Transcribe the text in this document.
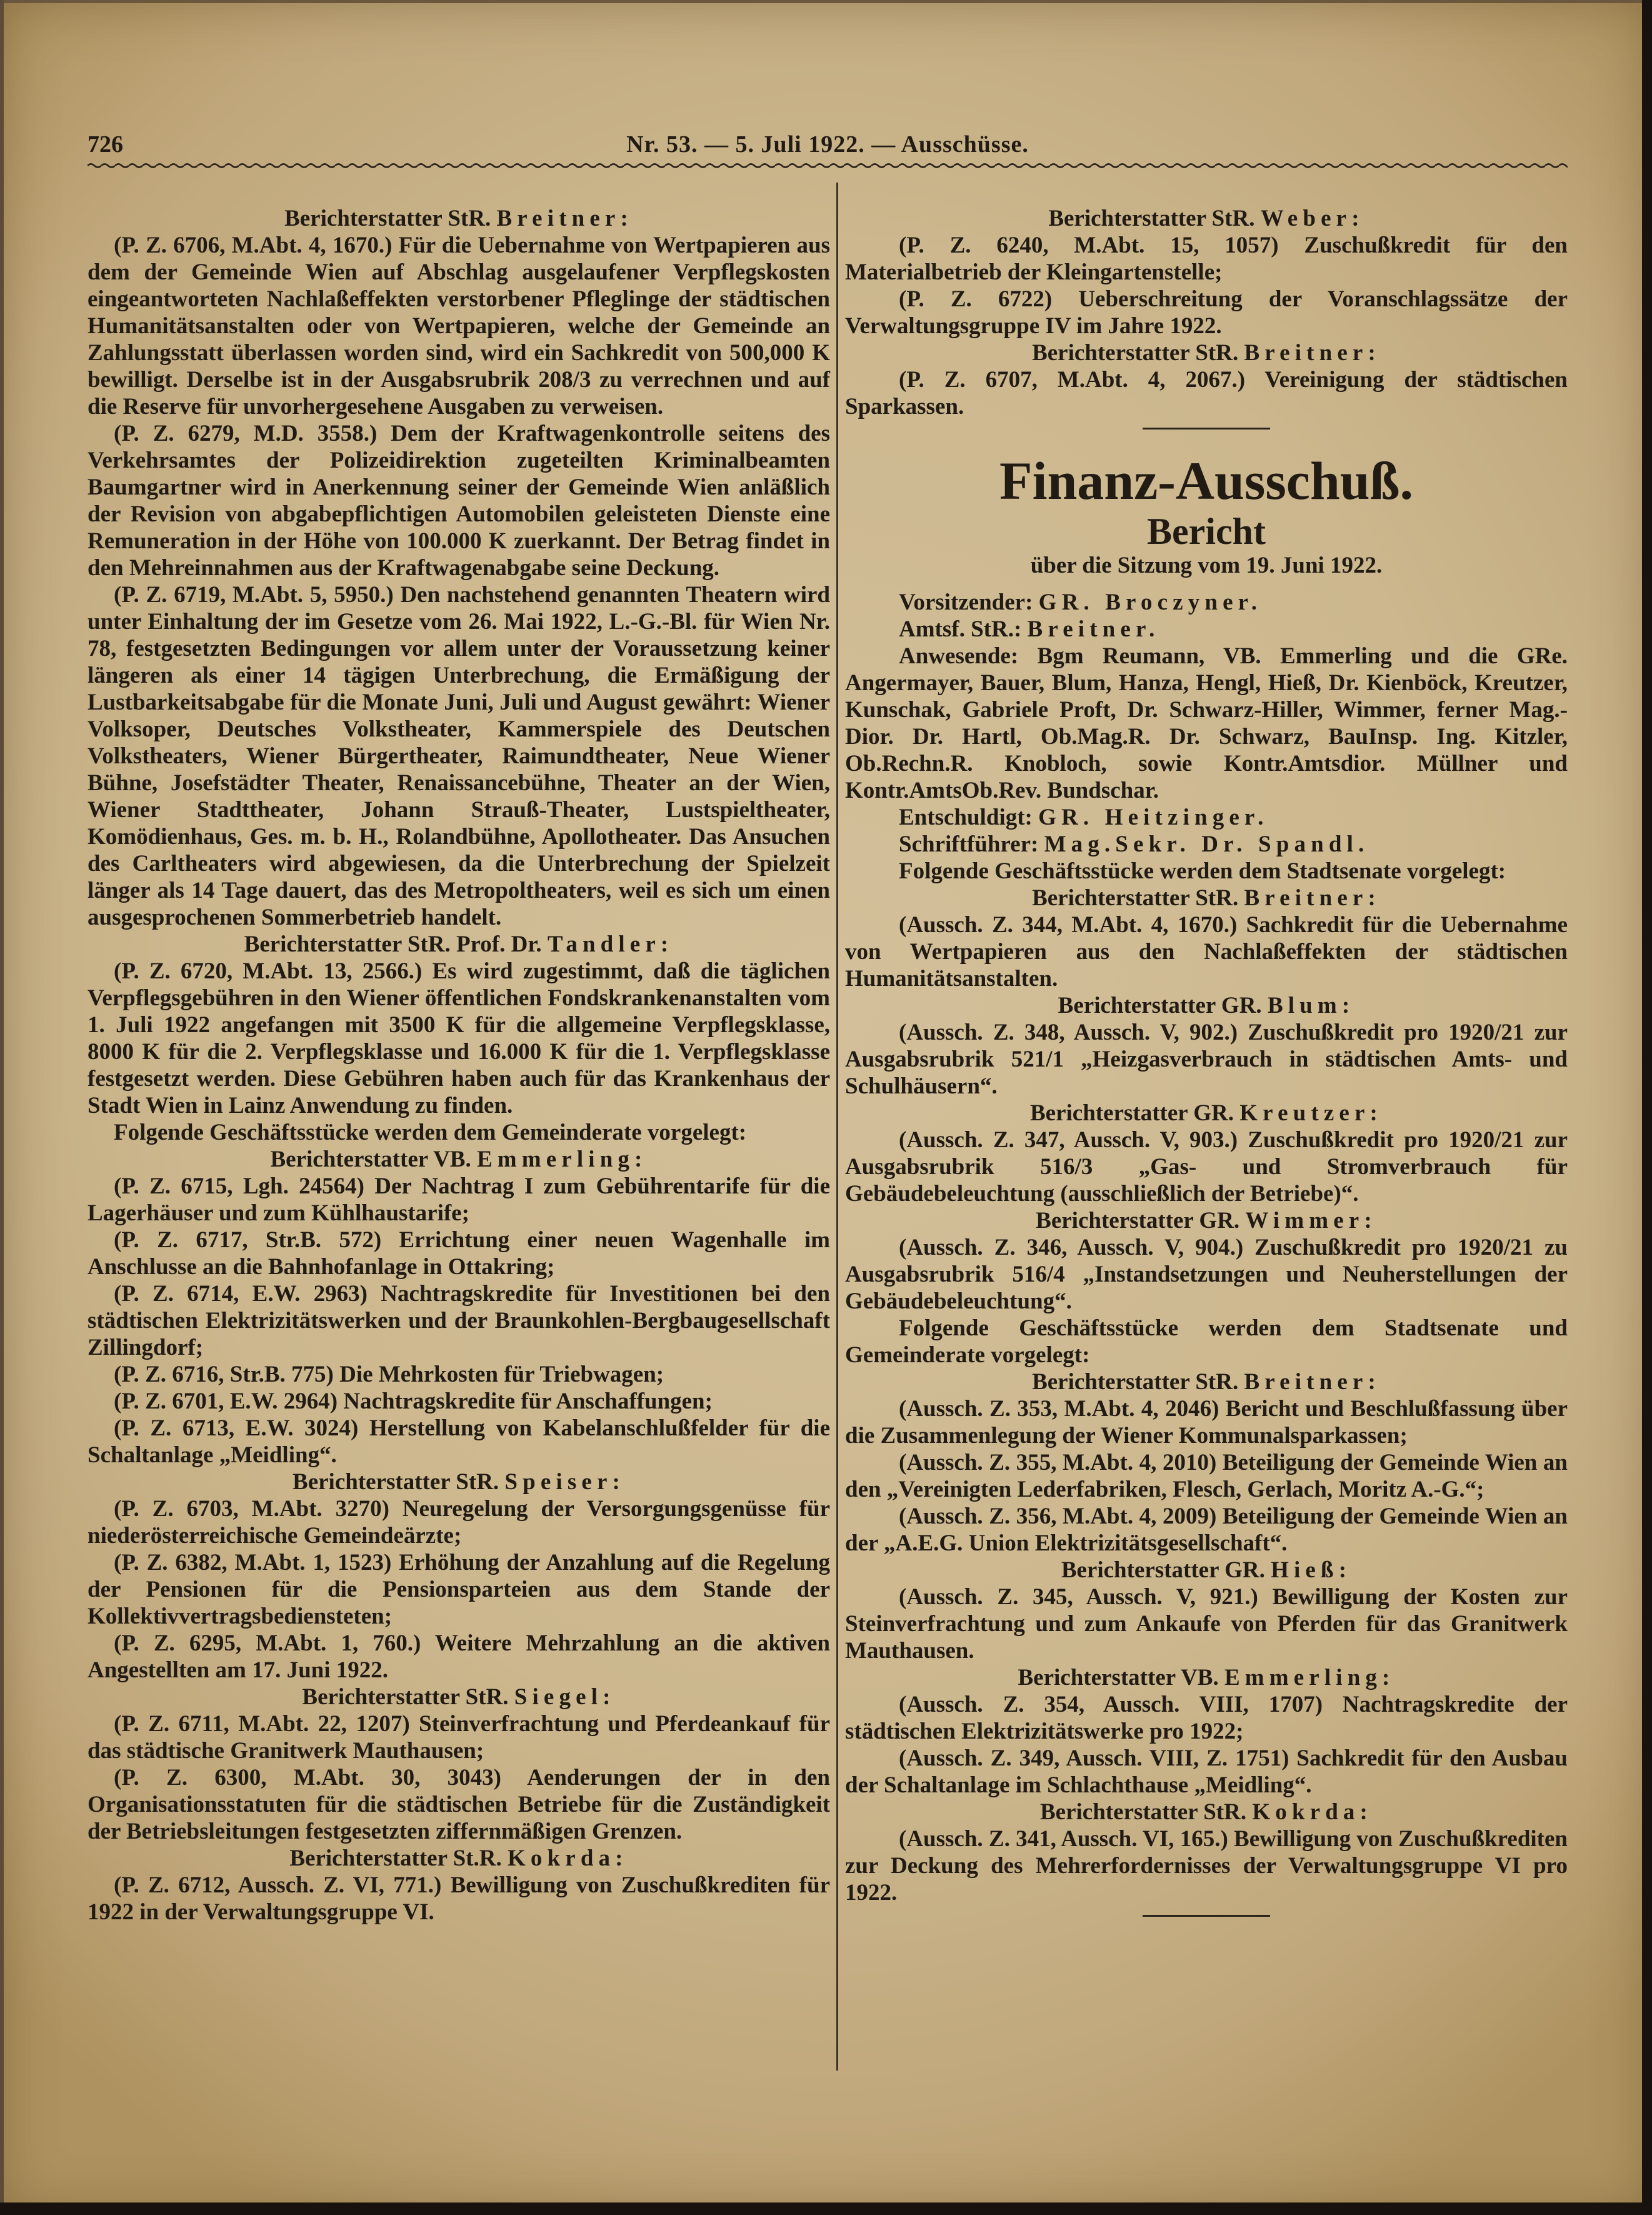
726	Nr. 53. — 5. Juli 1922. — Ausschüsse.

Berichterstatter StR. Breitner:

(P. Z. 6706, M.Abt. 4, 1670.) Für die Uebernahme von Wertpapieren aus dem der Gemeinde Wien auf Abschlag ausgelaufener Verpflegskosten eingeantworteten Nachlaßeffekten verstorbener Pfleglinge der städtischen Humanitätsanstalten oder von Wertpapieren, welche der Gemeinde an Zahlungsstatt überlassen worden sind, wird ein Sachkredit von 500,000 K bewilligt. Derselbe ist in der Ausgabsrubrik 208/3 zu verrechnen und auf die Reserve für unvorhergesehene Ausgaben zu verweisen.

(P. Z. 6279, M.D. 3558.) Dem der Kraftwagenkontrolle seitens des Verkehrsamtes der Polizeidirektion zugeteilten Kriminalbeamten Baumgartner wird in Anerkennung seiner der Gemeinde Wien anläßlich der Revision von abgabepflichtigen Automobilen geleisteten Dienste eine Remuneration in der Höhe von 100.000 K zuerkannt. Der Betrag findet in den Mehreinnahmen aus der Kraftwagenabgabe seine Deckung.

(P. Z. 6719, M.Abt. 5, 5950.) Den nachstehend genannten Theatern wird unter Einhaltung der im Gesetze vom 26. Mai 1922, L.-G.-Bl. für Wien Nr. 78, festgesetzten Bedingungen vor allem unter der Voraussetzung keiner längeren als einer 14 tägigen Unterbrechung, die Ermäßigung der Lustbarkeitsabgabe für die Monate Juni, Juli und August gewährt: Wiener Volksoper, Deutsches Volkstheater, Kammerspiele des Deutschen Volkstheaters, Wiener Bürgertheater, Raimundtheater, Neue Wiener Bühne, Josefstädter Theater, Renaissancebühne, Theater an der Wien, Wiener Stadttheater, Johann Strauß-Theater, Lustspieltheater, Komödienhaus, Ges. m. b. H., Rolandbühne, Apollotheater. Das Ansuchen des Carltheaters wird abgewiesen, da die Unterbrechung der Spielzeit länger als 14 Tage dauert, das des Metropoltheaters, weil es sich um einen ausgesprochenen Sommerbetrieb handelt.

Berichterstatter StR. Prof. Dr. Tandler:

(P. Z. 6720, M.Abt. 13, 2566.) Es wird zugestimmt, daß die täglichen Verpflegsgebühren in den Wiener öffentlichen Fondskrankenanstalten vom 1. Juli 1922 angefangen mit 3500 K für die allgemeine Verpflegsklasse, 8000 K für die 2. Verpflegsklasse und 16.000 K für die 1. Verpflegsklasse festgesetzt werden. Diese Gebühren haben auch für das Krankenhaus der Stadt Wien in Lainz Anwendung zu finden.

Folgende Geschäftsstücke werden dem Gemeinderate vorgelegt:

Berichterstatter VB. Emmerling:

(P. Z. 6715, Lgh. 24564) Der Nachtrag I zum Gebührentarife für die Lagerhäuser und zum Kühlhaustarife;

(P. Z. 6717, Str.B. 572) Errichtung einer neuen Wagenhalle im Anschlusse an die Bahnhofanlage in Ottakring;

(P. Z. 6714, E.W. 2963) Nachtragskredite für Investitionen bei den städtischen Elektrizitätswerken und der Braunkohlen-Bergbaugesellschaft Zillingdorf;

(P. Z. 6716, Str.B. 775) Die Mehrkosten für Triebwagen;

(P. Z. 6701, E.W. 2964) Nachtragskredite für Anschaffungen;

(P. Z. 6713, E.W. 3024) Herstellung von Kabelanschlußfelder für die Schaltanlage „Meidling“.

Berichterstatter StR. Speiser:

(P. Z. 6703, M.Abt. 3270) Neuregelung der Versorgungsgenüsse für niederösterreichische Gemeindeärzte;

(P. Z. 6382, M.Abt. 1, 1523) Erhöhung der Anzahlung auf die Regelung der Pensionen für die Pensionsparteien aus dem Stande der Kollektivvertragsbediensteten;

(P. Z. 6295, M.Abt. 1, 760.) Weitere Mehrzahlung an die aktiven Angestellten am 17. Juni 1922.

Berichterstatter StR. Siegel:

(P. Z. 6711, M.Abt. 22, 1207) Steinverfrachtung und Pferdeankauf für das städtische Granitwerk Mauthausen;

(P. Z. 6300, M.Abt. 30, 3043) Aenderungen der in den Organisationsstatuten für die städtischen Betriebe für die Zuständigkeit der Betriebsleitungen festgesetzten ziffernmäßigen Grenzen.

Berichterstatter St.R. Kokrda:

(P. Z. 6712, Aussch. Z. VI, 771.) Bewilligung von Zuschußkrediten für 1922 in der Verwaltungsgruppe VI.

Berichterstatter StR. Weber:

(P. Z. 6240, M.Abt. 15, 1057) Zuschußkredit für den Materialbetrieb der Kleingartenstelle;

(P. Z. 6722) Ueberschreitung der Voranschlagssätze der Verwaltungsgruppe IV im Jahre 1922.

Berichterstatter StR. Breitner:

(P. Z. 6707, M.Abt. 4, 2067.) Vereinigung der städtischen Sparkassen.

Finanz-Ausschuß.

Bericht

über die Sitzung vom 19. Juni 1922.

Vorsitzender: GR. Broczyner.

Amtsf. StR.: Breitner.

Anwesende: Bgm Reumann, VB. Emmerling und die GRe. Angermayer, Bauer, Blum, Hanza, Hengl, Hieß, Dr. Kienböck, Kreutzer, Kunschak, Gabriele Proft, Dr. Schwarz-Hiller, Wimmer, ferner Mag.-Dior. Dr. Hartl, Ob.Mag.R. Dr. Schwarz, BauInsp. Ing. Kitzler, Ob.Rechn.R. Knobloch, sowie Kontr.Amtsdior. Müllner und Kontr.AmtsOb.Rev. Bundschar.

Entschuldigt: GR. Heitzinger.

Schriftführer: Mag.Sekr. Dr. Spandl.

Folgende Geschäftsstücke werden dem Stadtsenate vorgelegt:

Berichterstatter StR. Breitner:

(Aussch. Z. 344, M.Abt. 4, 1670.) Sachkredit für die Uebernahme von Wertpapieren aus den Nachlaßeffekten der städtischen Humanitätsanstalten.

Berichterstatter GR. Blum:

(Aussch. Z. 348, Aussch. V, 902.) Zuschußkredit pro 1920/21 zur Ausgabsrubrik 521/1 „Heizgasverbrauch in städtischen Amts- und Schulhäusern“.

Berichterstatter GR. Kreutzer:

(Aussch. Z. 347, Aussch. V, 903.) Zuschußkredit pro 1920/21 zur Ausgabsrubrik 516/3 „Gas- und Stromverbrauch für Gebäudebeleuchtung (ausschließlich der Betriebe)“.

Berichterstatter GR. Wimmer:

(Aussch. Z. 346, Aussch. V, 904.) Zuschußkredit pro 1920/21 zu Ausgabsrubrik 516/4 „Instandsetzungen und Neuherstellungen der Gebäudebeleuchtung“.

Folgende Geschäftsstücke werden dem Stadtsenate und Gemeinderate vorgelegt:

Berichterstatter StR. Breitner:

(Aussch. Z. 353, M.Abt. 4, 2046) Bericht und Beschlußfassung über die Zusammenlegung der Wiener Kommunalsparkassen;

(Aussch. Z. 355, M.Abt. 4, 2010) Beteiligung der Gemeinde Wien an den „Vereinigten Lederfabriken, Flesch, Gerlach, Moritz A.-G.“;

(Aussch. Z. 356, M.Abt. 4, 2009) Beteiligung der Gemeinde Wien an der „A.E.G. Union Elektrizitätsgesellschaft“.

Berichterstatter GR. Hieß:

(Aussch. Z. 345, Aussch. V, 921.) Bewilligung der Kosten zur Steinverfrachtung und zum Ankaufe von Pferden für das Granitwerk Mauthausen.

Berichterstatter VB. Emmerling:

(Aussch. Z. 354, Aussch. VIII, 1707) Nachtragskredite der städtischen Elektrizitätswerke pro 1922;

(Aussch. Z. 349, Aussch. VIII, Z. 1751) Sachkredit für den Ausbau der Schaltanlage im Schlachthause „Meidling“.

Berichterstatter StR. Kokrda:

(Aussch. Z. 341, Aussch. VI, 165.) Bewilligung von Zuschußkrediten zur Deckung des Mehrerfordernisses der Verwaltungsgruppe VI pro 1922.
